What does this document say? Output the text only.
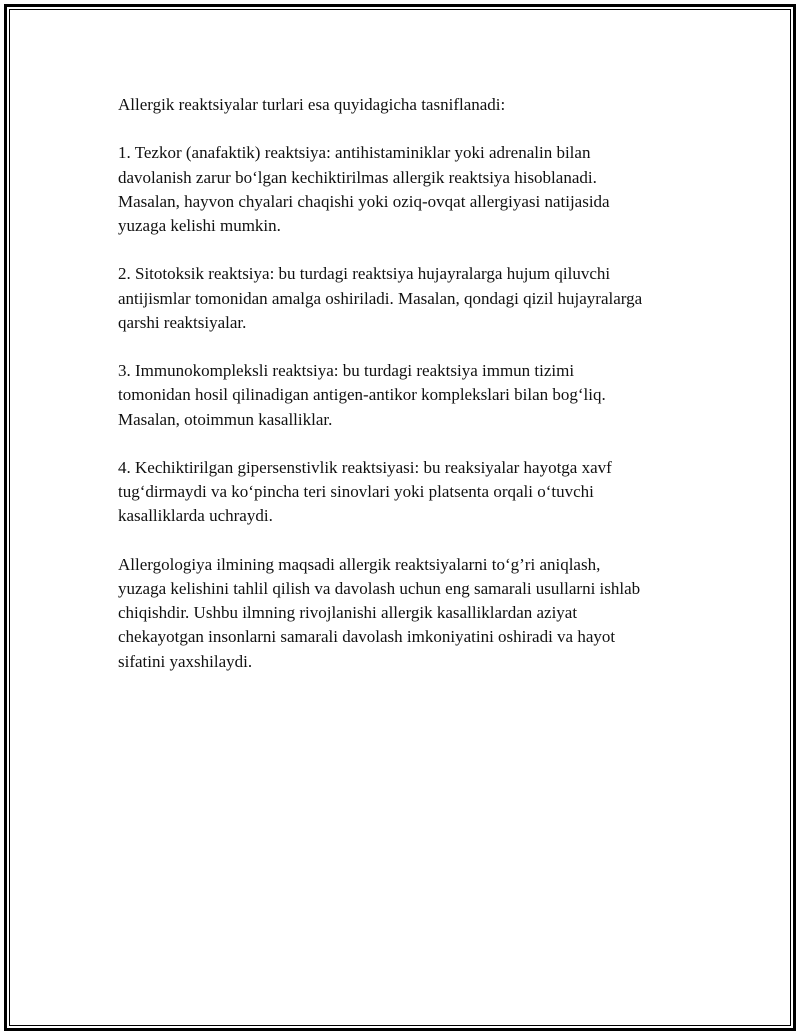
Allergik reaktsiyalar turlari esa quyidagicha tasniflanadi:

1. Tezkor (anafaktik) reaktsiya: antihistaminiklar yoki adrenalin bilan
davolanish zarur bo‘lgan kechiktirilmas allergik reaktsiya hisoblanadi.
Masalan, hayvon chyalari chaqishi yoki oziq-ovqat allergiyasi natijasida
yuzaga kelishi mumkin.

2. Sitotoksik reaktsiya: bu turdagi reaktsiya hujayralarga hujum qiluvchi
antijismlar tomonidan amalga oshiriladi. Masalan, qondagi qizil hujayralarga
qarshi reaktsiyalar.

3. Immunokompleksli reaktsiya: bu turdagi reaktsiya immun tizimi
tomonidan hosil qilinadigan antigen-antikor komplekslari bilan bog‘liq.
Masalan, otoimmun kasalliklar.

4. Kechiktirilgan gipersenstivlik reaktsiyasi: bu reaksiyalar hayotga xavf
tug‘dirmaydi va ko‘pincha teri sinovlari yoki platsenta orqali o‘tuvchi
kasalliklarda uchraydi.

Allergologiya ilmining maqsadi allergik reaktsiyalarni to‘g’ri aniqlash,
yuzaga kelishini tahlil qilish va davolash uchun eng samarali usullarni ishlab
chiqishdir. Ushbu ilmning rivojlanishi allergik kasalliklardan aziyat
chekayotgan insonlarni samarali davolash imkoniyatini oshiradi va hayot
sifatini yaxshilaydi.
